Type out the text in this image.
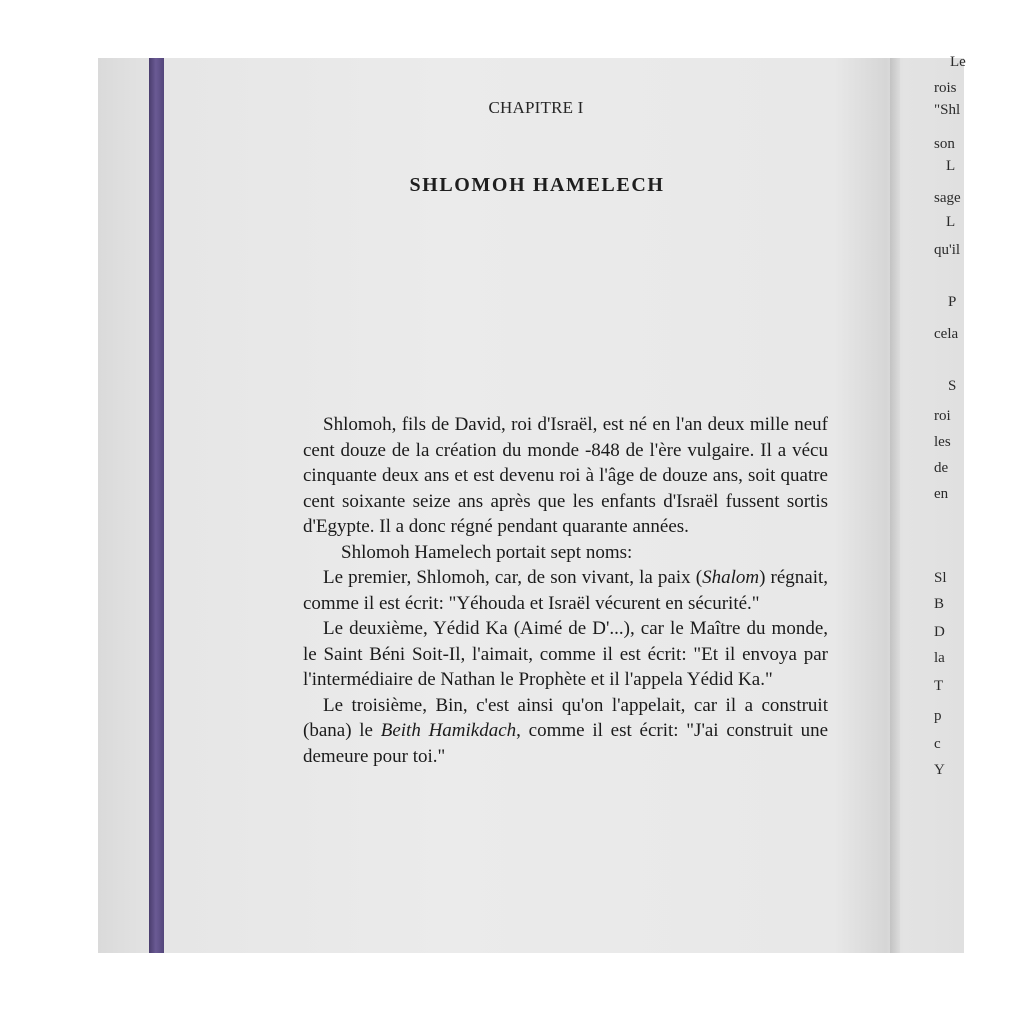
CHAPITRE I
SHLOMOH HAMELECH

Shlomoh, fils de David, roi d'Israël, est né en l'an deux mille neuf cent douze de la création du monde -848 de l'ère vulgaire. Il a vécu cinquante deux ans et est devenu roi à l'âge de douze ans, soit quatre cent soixante seize ans après que les enfants d'Israël fussent sortis d'Egypte. Il a donc régné pendant quarante années.

Shlomoh Hamelech portait sept noms:

Le premier, Shlomoh, car, de son vivant, la paix (Shalom) régnait, comme il est écrit: "Yéhouda et Israël vécurent en sécurité."

Le deuxième, Yédid Ka (Aimé de D'...), car le Maître du monde, le Saint Béni Soit-Il, l'aimait, comme il est écrit: "Et il envoya par l'intermédiaire de Nathan le Prophète et il l'appela Yédid Ka."

Le troisième, Bin, c'est ainsi qu'on l'appelait, car il a construit (bana) le Beith Hamikdach, comme il est écrit: "J'ai construit une demeure pour toi."

Le
rois
"Shl
son
L
sage
L
qu'il
P
cela
S
roi
les
de
en
Sl
B
D
la
T
p
c
Y
